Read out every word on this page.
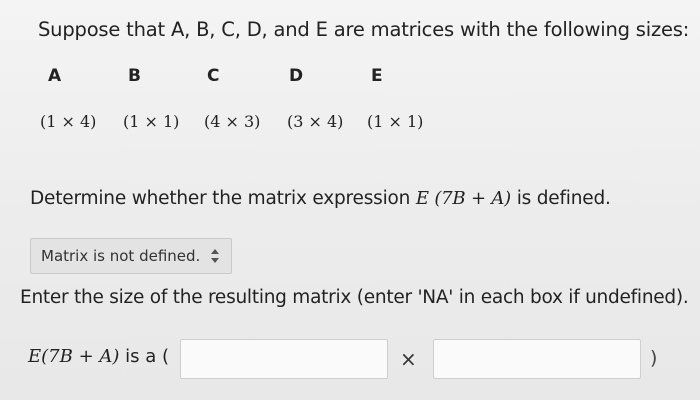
Suppose that A, B, C, D, and E are matrices with the following sizes:
A	B	C	D	E
(1 × 4) (1 × 1) (4 × 3) (3 × 4) (1 × 1)
Determine whether the matrix expression E (7B + A) is defined.
Matrix is not defined.
Enter the size of the resulting matrix (enter 'NA' in each box if undefined).
E(7B + A) is a (	×	)
